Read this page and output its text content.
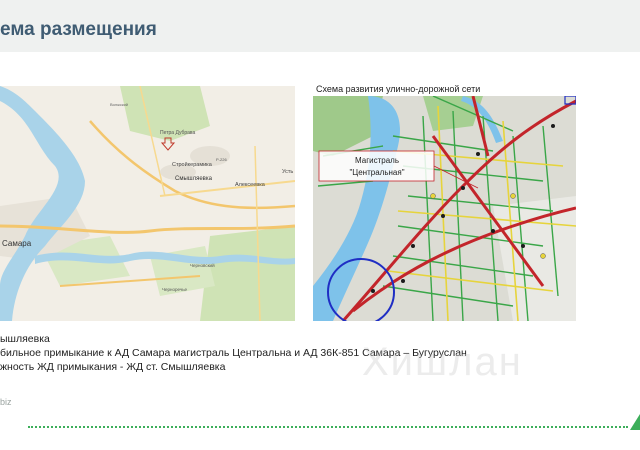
ема размещения
Петра Дубрава
Стройкерамика
Смышляевка
Алексеевка
Самара
Усть
Черновский
Черноречье
Р-226
Волжский
Схема развития улично-дорожной сети
Магистраль
"Центральная"
ышляевка
бильное примыкание к АД Самара магистраль Центральна и АД 36К-851 Самара – Бугуруслан
жность ЖД примыкания - ЖД ст. Смышляевка	Хишлан
biz
